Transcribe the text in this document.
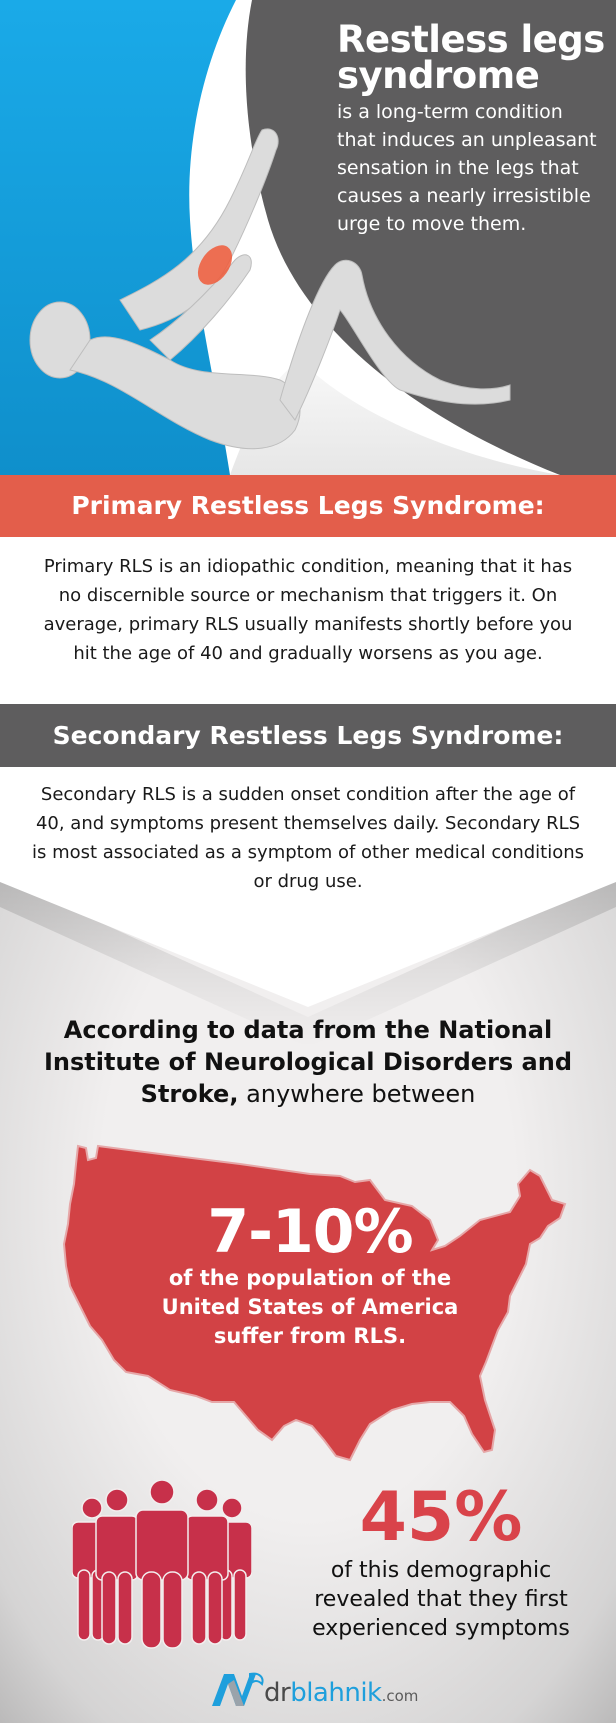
Restless legs syndrome
is a long-term condition that induces an unpleasant sensation in the legs that causes a nearly irresistible urge to move them.
Primary Restless Legs Syndrome:

Primary RLS is an idiopathic condition, meaning that it has no discernible source or mechanism that triggers it. On average, primary RLS usually manifests shortly before you hit the age of 40 and gradually worsens as you age.

Secondary Restless Legs Syndrome:

Secondary RLS is a sudden onset condition after the age of 40, and symptoms present themselves daily. Secondary RLS is most associated as a symptom of other medical conditions or drug use.

According to data from the National Institute of Neurological Disorders and Stroke, anywhere between
7-10%
of the population of the United States of America suffer from RLS.
45%
of this demographic revealed that they first experienced symptoms
dr blahnik .com
